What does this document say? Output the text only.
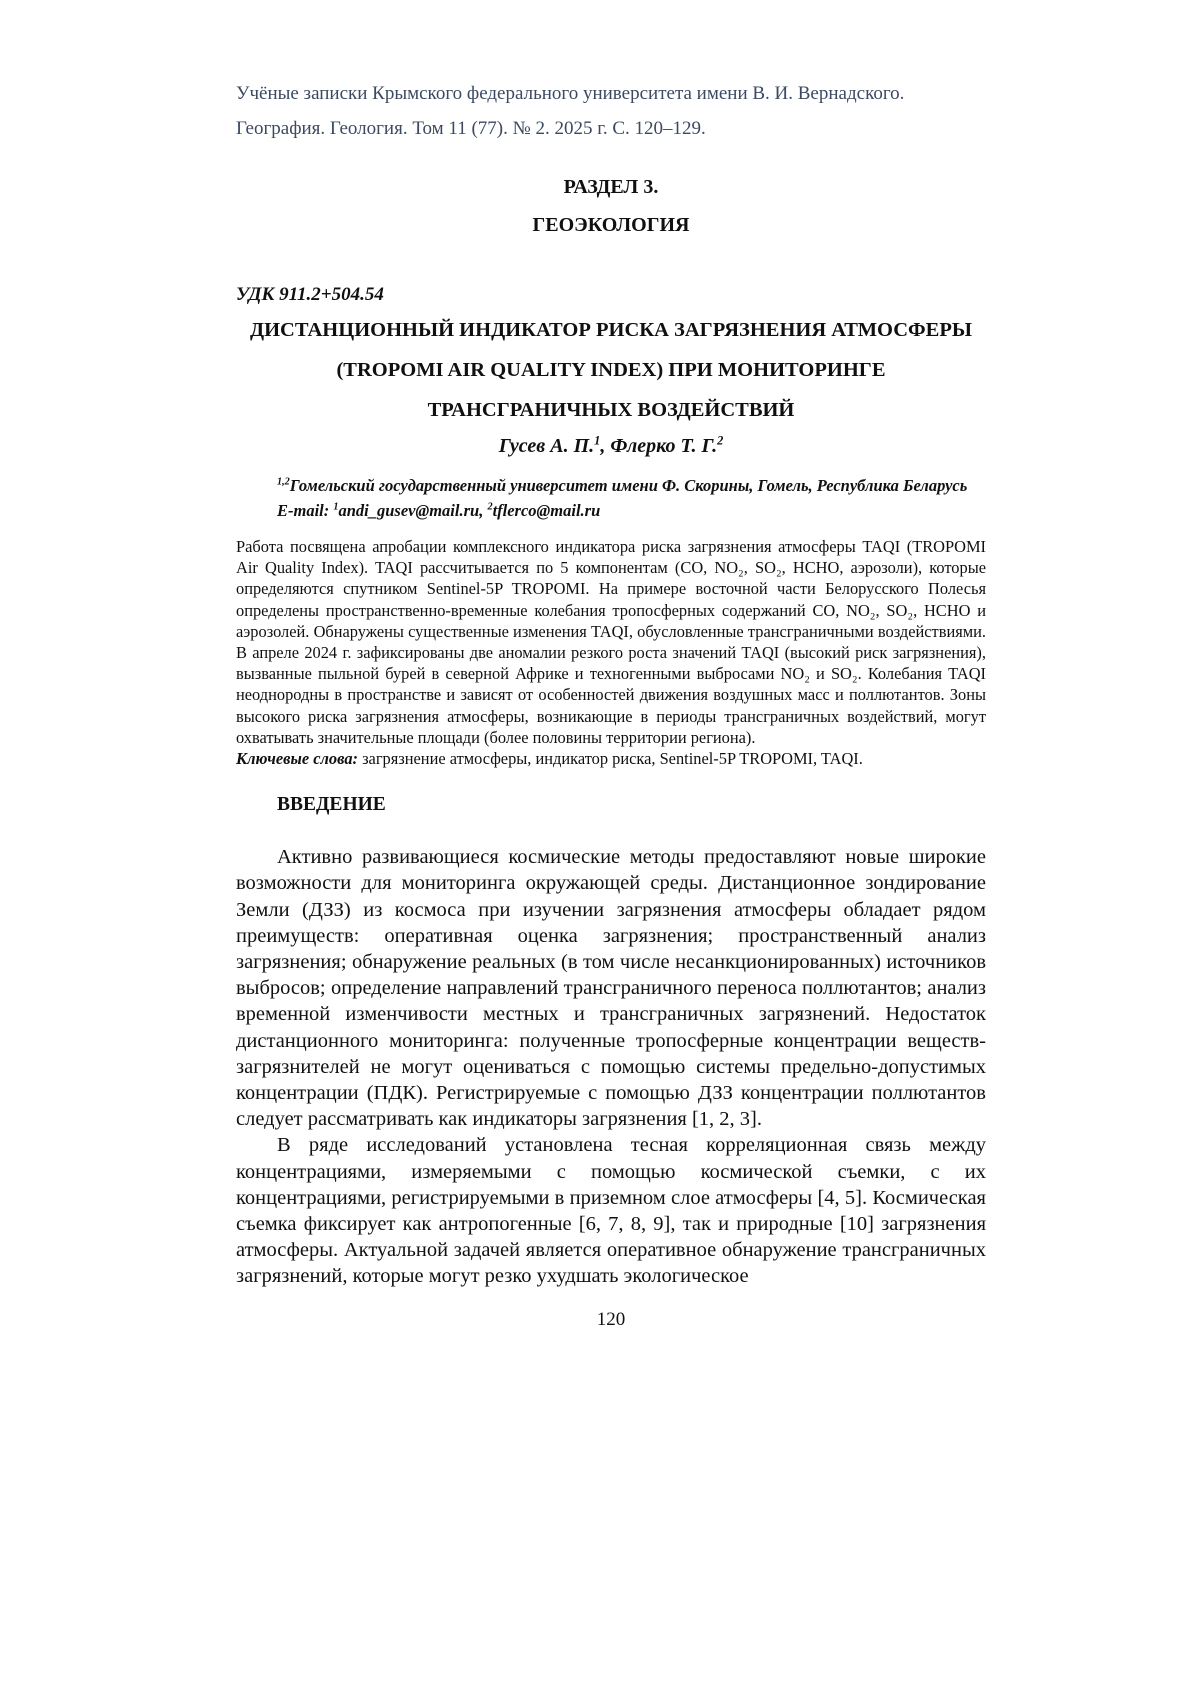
Учёные записки Крымского федерального университета имени В. И. Вернадского.
География. Геология. Том 11 (77). № 2. 2025 г. С. 120–129.
РАЗДЕЛ 3.
ГЕОЭКОЛОГИЯ
УДК 911.2+504.54
ДИСТАНЦИОННЫЙ ИНДИКАТОР РИСКА ЗАГРЯЗНЕНИЯ АТМОСФЕРЫ
(TROPOMI AIR QUALITY INDEX) ПРИ МОНИТОРИНГЕ
ТРАНСГРАНИЧНЫХ ВОЗДЕЙСТВИЙ
Гусев А. П.$^1$, Флерко Т. Г.$^2$
$^{1,2}$Гомельский государственный университет имени Ф. Скорины, Гомель, Республика Беларусь
E-mail: $^1$andi_gusev@mail.ru, $^2$tflerco@mail.ru
Работа посвящена апробации комплексного индикатора риска загрязнения атмосферы TAQI (TROPOMI Air Quality Index). TAQI рассчитывается по 5 компонентам (CO, NO₂, SO₂, HCHO, аэрозоли), которые определяются спутником Sentinel-5P TROPOMI. На примере восточной части Белорусского Полесья определены пространственно-временные колебания тропосферных содержаний CO, NO₂, SO₂, HCHO и аэрозолей. Обнаружены существенные изменения TAQI, обусловленные трансграничными воздействиями. В апреле 2024 г. зафиксированы две аномалии резкого роста значений TAQI (высокий риск загрязнения), вызванные пыльной бурей в северной Африке и техногенными выбросами NO₂ и SO₂. Колебания TAQI неоднородны в пространстве и зависят от особенностей движения воздушных масс и поллютантов. Зоны высокого риска загрязнения атмосферы, возникающие в периоды трансграничных воздействий, могут охватывать значительные площади (более половины территории региона).
Ключевые слова: загрязнение атмосферы, индикатор риска, Sentinel-5P TROPOMI, TAQI.
ВВЕДЕНИЕ
Активно развивающиеся космические методы предоставляют новые широкие возможности для мониторинга окружающей среды. Дистанционное зондирование Земли (ДЗЗ) из космоса при изучении загрязнения атмосферы обладает рядом преимуществ: оперативная оценка загрязнения; пространственный анализ загрязнения; обнаружение реальных (в том числе несанкционированных) источников выбросов; определение направлений трансграничного переноса поллютантов; анализ временной изменчивости местных и трансграничных загрязнений. Недостаток дистанционного мониторинга: полученные тропосферные концентрации веществ-загрязнителей не могут оцениваться с помощью системы предельно-допустимых концентрации (ПДК). Регистрируемые с помощью ДЗЗ концентрации поллютантов следует рассматривать как индикаторы загрязнения [1, 2, 3].
В ряде исследований установлена тесная корреляционная связь между концентрациями, измеряемыми с помощью космической съемки, с их концентрациями, регистрируемыми в приземном слое атмосферы [4, 5]. Космическая съемка фиксирует как антропогенные [6, 7, 8, 9], так и природные [10] загрязнения атмосферы. Актуальной задачей является оперативное обнаружение трансграничных загрязнений, которые могут резко ухудшать экологическое
120
